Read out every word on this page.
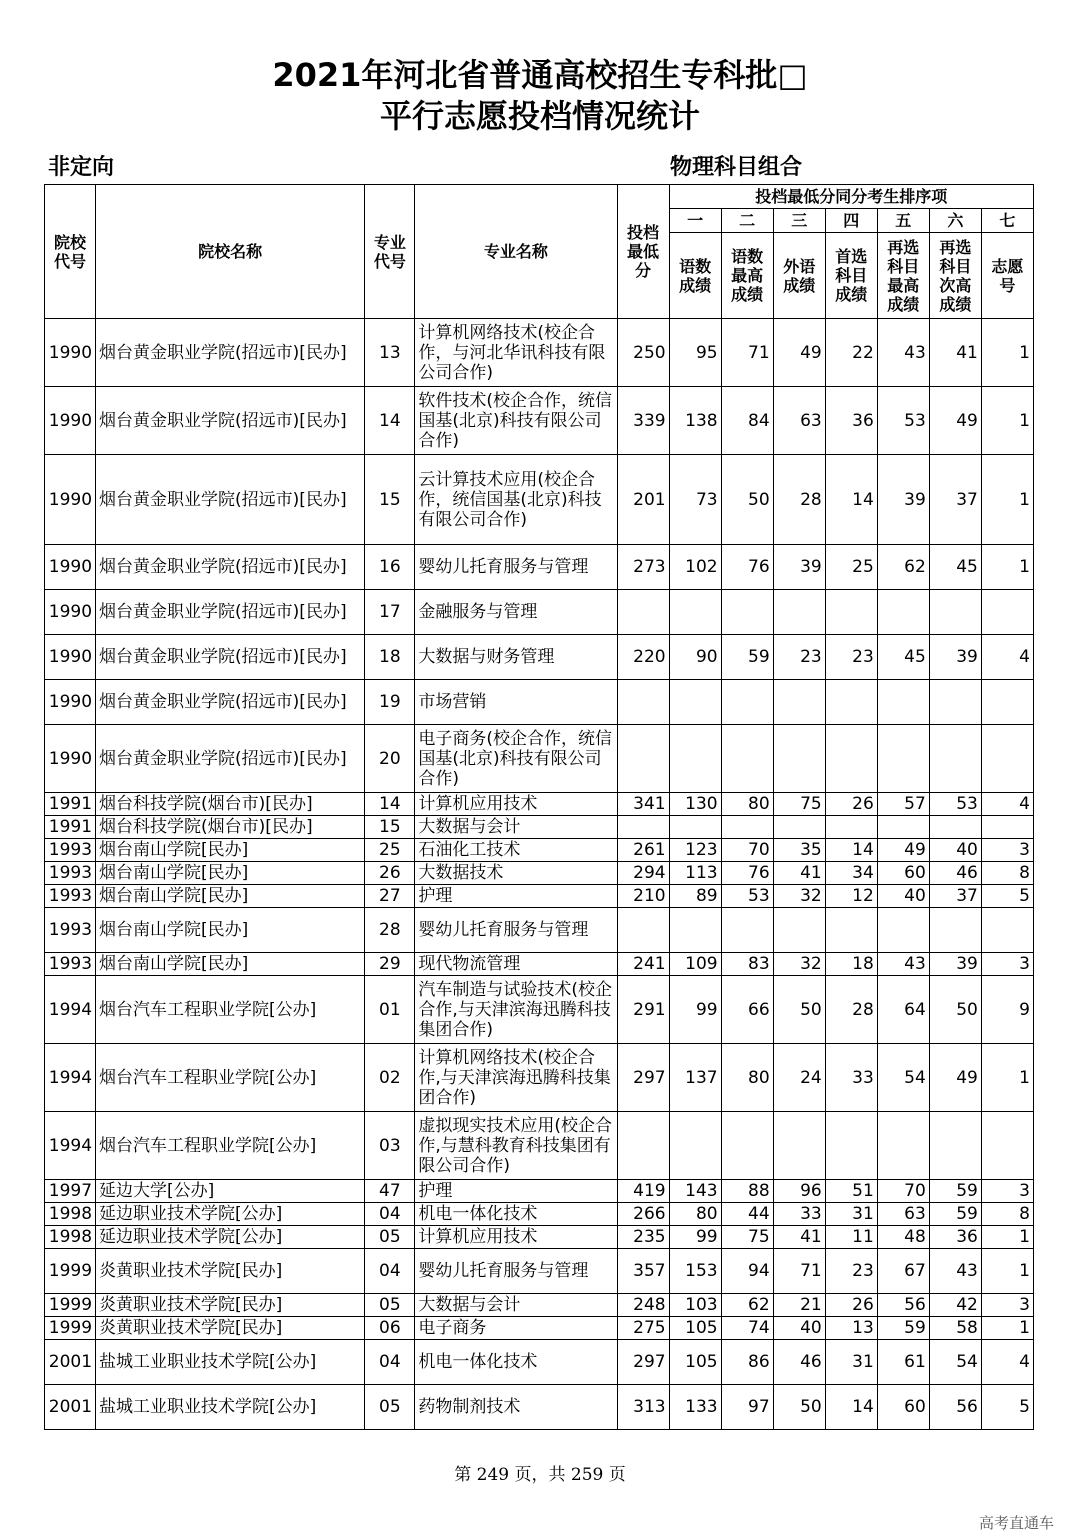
2021年河北省普通高校招生专科批□
平行志愿投档情况统计
非定向	物理科目组合
院校代号	院校名称	专业代号	专业名称	投档最低分	投档最低分同分考生排序项						
					一	二	三	四	五	六	七
					语数成绩	语数最高成绩	外语成绩	首选科目成绩	再选科目最高成绩	再选科目次高成绩	志愿号
1990	烟台黄金职业学院(招远市)[民办]	13	计算机网络技术(校企合作，与河北华讯科技有限公司合作)	250	95	71	49	22	43	41	1
1990	烟台黄金职业学院(招远市)[民办]	14	软件技术(校企合作，统信国基(北京)科技有限公司合作)	339	138	84	63	36	53	49	1
1990	烟台黄金职业学院(招远市)[民办]	15	云计算技术应用(校企合作，统信国基(北京)科技有限公司合作)	201	73	50	28	14	39	37	1
1990	烟台黄金职业学院(招远市)[民办]	16	婴幼儿托育服务与管理	273	102	76	39	25	62	45	1
1990	烟台黄金职业学院(招远市)[民办]	17	金融服务与管理								
1990	烟台黄金职业学院(招远市)[民办]	18	大数据与财务管理	220	90	59	23	23	45	39	4
1990	烟台黄金职业学院(招远市)[民办]	19	市场营销								
1990	烟台黄金职业学院(招远市)[民办]	20	电子商务(校企合作，统信国基(北京)科技有限公司合作)								
1991	烟台科技学院(烟台市)[民办]	14	计算机应用技术	341	130	80	75	26	57	53	4
1991	烟台科技学院(烟台市)[民办]	15	大数据与会计								
1993	烟台南山学院[民办]	25	石油化工技术	261	123	70	35	14	49	40	3
1993	烟台南山学院[民办]	26	大数据技术	294	113	76	41	34	60	46	8
1993	烟台南山学院[民办]	27	护理	210	89	53	32	12	40	37	5
1993	烟台南山学院[民办]	28	婴幼儿托育服务与管理								
1993	烟台南山学院[民办]	29	现代物流管理	241	109	83	32	18	43	39	3
1994	烟台汽车工程职业学院[公办]	01	汽车制造与试验技术(校企合作,与天津滨海迅腾科技集团合作)	291	99	66	50	28	64	50	9
1994	烟台汽车工程职业学院[公办]	02	计算机网络技术(校企合作,与天津滨海迅腾科技集团合作)	297	137	80	24	33	54	49	1
1994	烟台汽车工程职业学院[公办]	03	虚拟现实技术应用(校企合作,与慧科教育科技集团有限公司合作)								
1997	延边大学[公办]	47	护理	419	143	88	96	51	70	59	3
1998	延边职业技术学院[公办]	04	机电一体化技术	266	80	44	33	31	63	59	8
1998	延边职业技术学院[公办]	05	计算机应用技术	235	99	75	41	11	48	36	1
1999	炎黄职业技术学院[民办]	04	婴幼儿托育服务与管理	357	153	94	71	23	67	43	1
1999	炎黄职业技术学院[民办]	05	大数据与会计	248	103	62	21	26	56	42	3
1999	炎黄职业技术学院[民办]	06	电子商务	275	105	74	40	13	59	58	1
2001	盐城工业职业技术学院[公办]	04	机电一体化技术	297	105	86	46	31	61	54	4
2001	盐城工业职业技术学院[公办]	05	药物制剂技术	313	133	97	50	14	60	56	5
第 249 页，共 259 页
高考直通车
